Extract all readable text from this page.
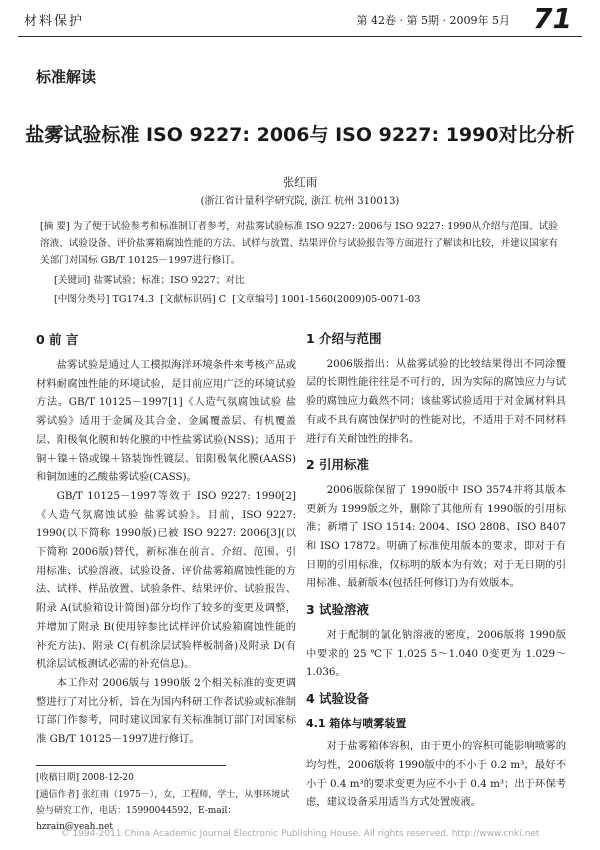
材料保护	第 42卷 · 第 5期 · 2009年 5月 71
标准解读
盐雾试验标准 ISO 9227: 2006与 ISO 9227: 1990对比分析
张红雨
(浙江省计量科学研究院, 浙江 杭州 310013)

[摘 要] 为了便于试验参考和标准制订者参考，对盐雾试验标准 ISO 9227: 2006与 ISO 9227: 1990从介绍与范围、试验溶液、试验设备、评价盐雾箱腐蚀性能的方法、试样与放置、结果评价与试验报告等方面进行了解读和比较，并建议国家有关部门对国标 GB/T 10125－1997进行修订。

[关键词] 盐雾试验；标准；ISO 9227；对比
[中图分类号] TG174.3 [文献标识码] C [文章编号] 1001-1560(2009)05-0071-03
0 前 言

盐雾试验是通过人工模拟海洋环境条件来考核产品或材料耐腐蚀性能的环境试验，是目前应用广泛的环境试验方法。GB/T 10125－1997[1]《人造气氛腐蚀试验 盐雾试验》适用于金属及其合金、金属覆盖层、有机覆盖层、阳极氧化膜和转化膜的中性盐雾试验(NSS)；适用于铜＋镍＋铬或镍＋铬装饰性镀层、铝阳极氧化膜(AASS)和铜加速的乙酸盐雾试验(CASS)。

GB/T 10125－1997等效于 ISO 9227: 1990[2]《人造气氛腐蚀试验 盐雾试验》。目前，ISO 9227: 1990(以下简称 1990版)已被 ISO 9227: 2006[3](以下简称 2006版)替代，新标准在前言、介绍、范围、引用标准、试验溶液、试验设备、评价盐雾箱腐蚀性能的方法、试样、样品放置、试验条件、结果评价、试验报告、附录 A(试验箱设计简图)部分均作了较多的变更及调整，并增加了附录 B(使用锌参比试样评价试验箱腐蚀性能的补充方法)、附录 C(有机涂层试验样板制备)及附录 D(有机涂层试板测试必需的补充信息)。

本工作对 2006版与 1990版 2个相关标准的变更调整进行了对比分析，旨在为国内科研工作者试验或标准制订部门作参考，同时建议国家有关标准制订部门对国家标准 GB/T 10125－1997进行修订。

[收稿日期] 2008-12-20
[通信作者] 张红雨（1975－），女，工程师，学士，从事环境试验与研究工作，电话：15990044592，E-mail：hzrain@yeah.net
1 介绍与范围

2006版指出：从盐雾试验的比较结果得出不同涂覆层的长期性能往往是不可行的，因为实际的腐蚀应力与试验的腐蚀应力截然不同；该盐雾试验适用于对金属材料具有或不具有腐蚀保护时的性能对比，不适用于对不同材料进行有关耐蚀性的排名。

2 引用标准

2006版除保留了 1990版中 ISO 3574并将其版本更新为 1999版之外，删除了其他所有 1990版的引用标准；新增了 ISO 1514: 2004、ISO 2808、ISO 8407和 ISO 17872。明确了标准使用版本的要求，即对于有日期的引用标准，仅标明的版本为有效；对于无日期的引用标准、最新版本(包括任何修订)为有效版本。

3 试验溶液

对于配制的氯化钠溶液的密度，2006版将 1990版中要求的 25 ℃下 1.025 5～1.040 0变更为 1.029～1.036。

4 试验设备
4.1 箱体与喷雾装置

对于盐雾箱体容积，由于更小的容积可能影响喷雾的均匀性，2006版将 1990版中的不小于 0.2 m³，最好不小于 0.4 m³的要求变更为应不小于 0.4 m³；出于环保考虑，建议设备采用适当方式处置废液。

© 1994-2011 China Academic Journal Electronic Publishing House. All rights reserved. http://www.cnki.net
